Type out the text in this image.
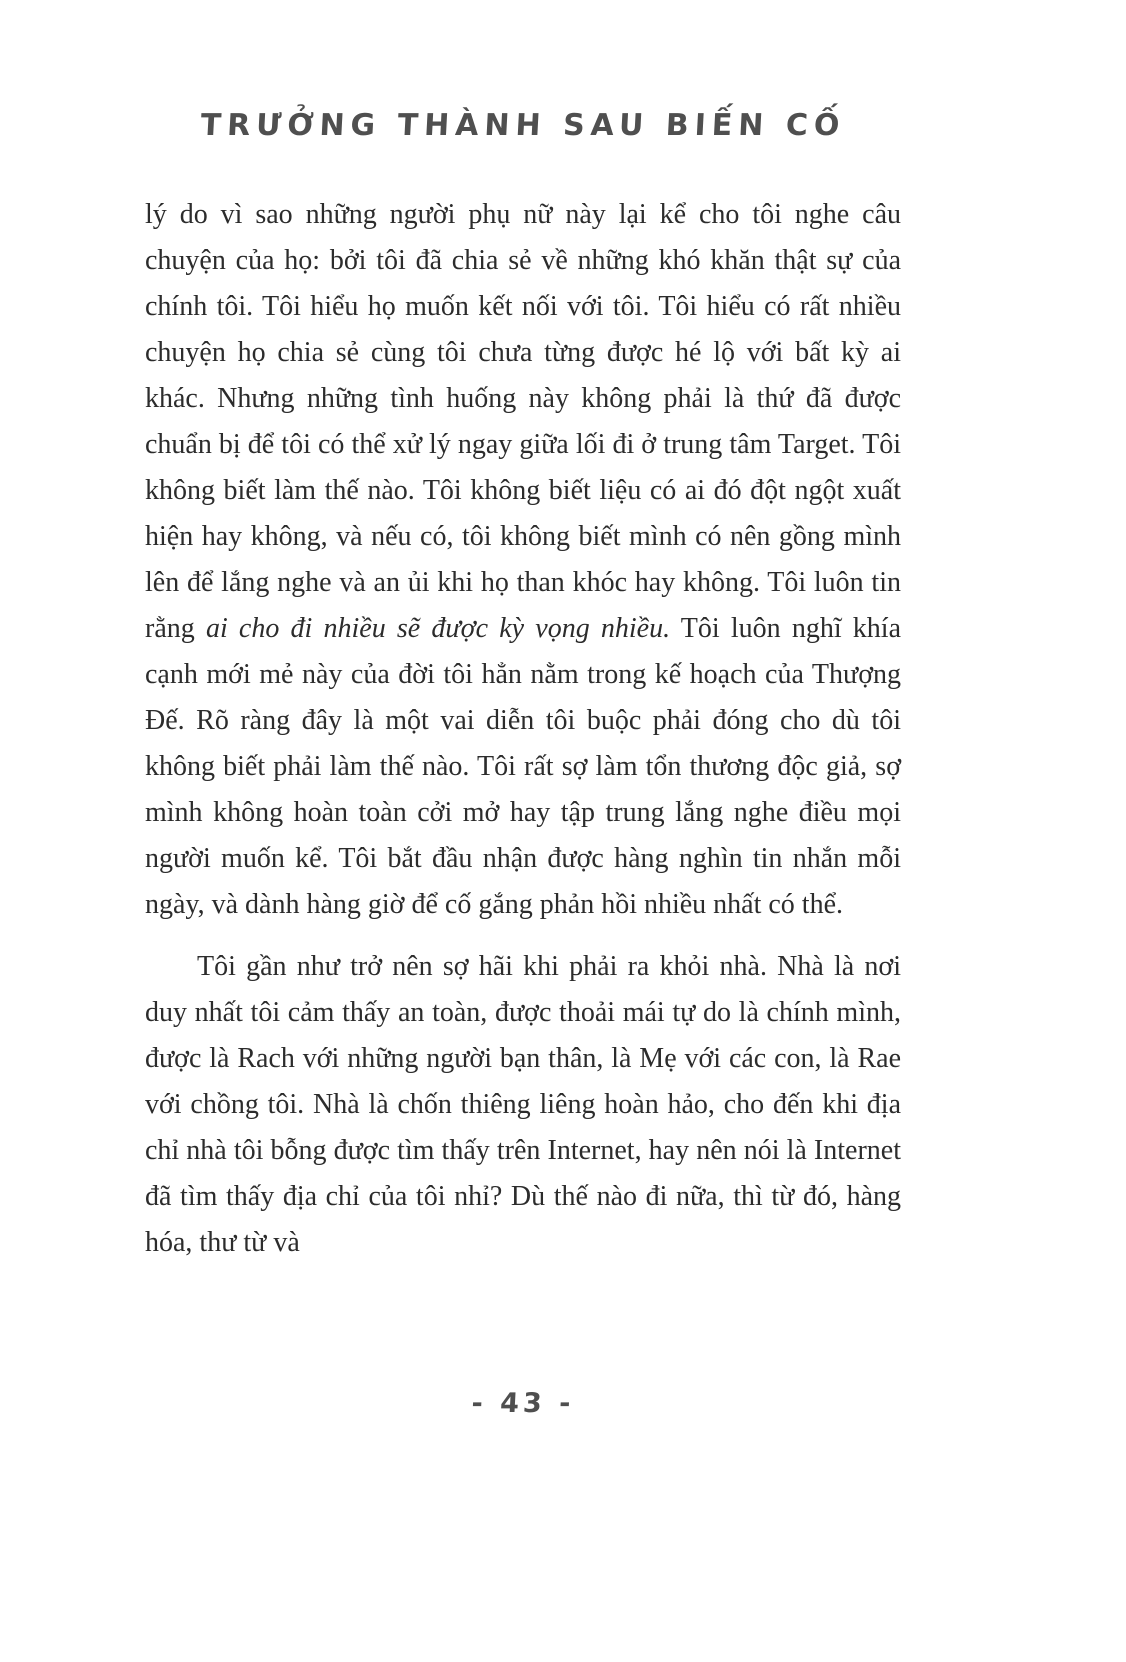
TRƯỞNG THÀNH SAU BIẾN CỐ

lý do vì sao những người phụ nữ này lại kể cho tôi nghe câu chuyện của họ: bởi tôi đã chia sẻ về những khó khăn thật sự của chính tôi. Tôi hiểu họ muốn kết nối với tôi. Tôi hiểu có rất nhiều chuyện họ chia sẻ cùng tôi chưa từng được hé lộ với bất kỳ ai khác. Nhưng những tình huống này không phải là thứ đã được chuẩn bị để tôi có thể xử lý ngay giữa lối đi ở trung tâm Target. Tôi không biết làm thế nào. Tôi không biết liệu có ai đó đột ngột xuất hiện hay không, và nếu có, tôi không biết mình có nên gồng mình lên để lắng nghe và an ủi khi họ than khóc hay không. Tôi luôn tin rằng ai cho đi nhiều sẽ được kỳ vọng nhiều. Tôi luôn nghĩ khía cạnh mới mẻ này của đời tôi hẳn nằm trong kế hoạch của Thượng Đế. Rõ ràng đây là một vai diễn tôi buộc phải đóng cho dù tôi không biết phải làm thế nào. Tôi rất sợ làm tổn thương độc giả, sợ mình không hoàn toàn cởi mở hay tập trung lắng nghe điều mọi người muốn kể. Tôi bắt đầu nhận được hàng nghìn tin nhắn mỗi ngày, và dành hàng giờ để cố gắng phản hồi nhiều nhất có thể.

Tôi gần như trở nên sợ hãi khi phải ra khỏi nhà. Nhà là nơi duy nhất tôi cảm thấy an toàn, được thoải mái tự do là chính mình, được là Rach với những người bạn thân, là Mẹ với các con, là Rae với chồng tôi. Nhà là chốn thiêng liêng hoàn hảo, cho đến khi địa chỉ nhà tôi bỗng được tìm thấy trên Internet, hay nên nói là Internet đã tìm thấy địa chỉ của tôi nhỉ? Dù thế nào đi nữa, thì từ đó, hàng hóa, thư từ và

- 43 -
